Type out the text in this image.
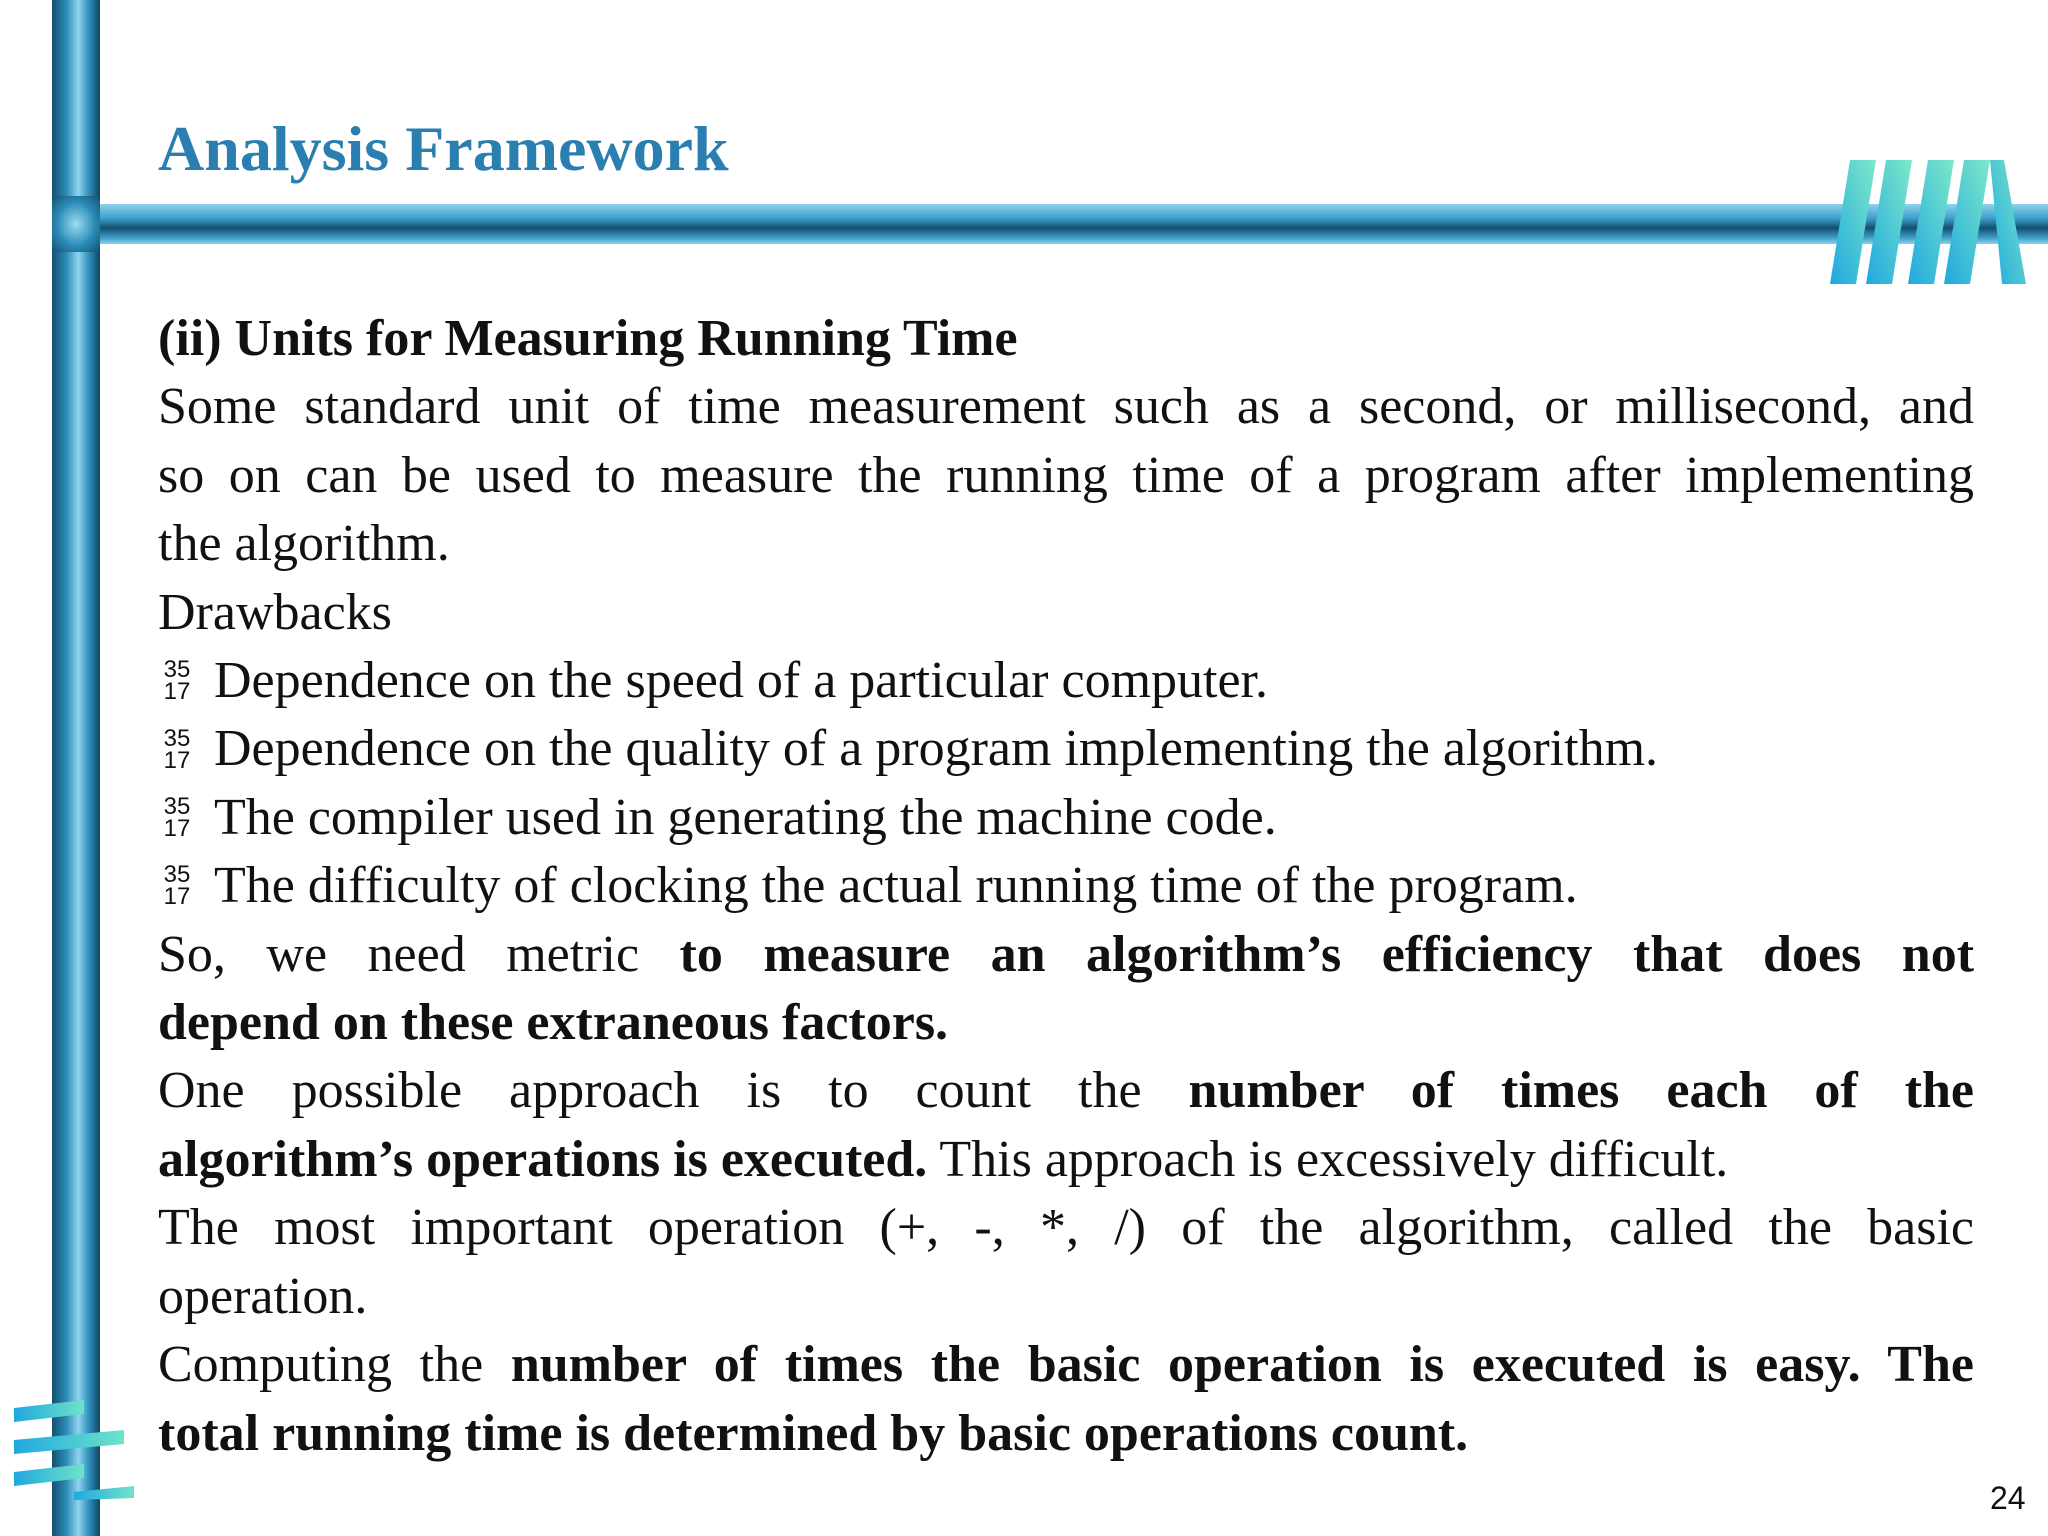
Analysis Framework

(ii) Units for Measuring Running Time

Some standard unit of time measurement such as a second, or millisecond, and

so on can be used to measure the running time of a program after implementing

the algorithm.

Drawbacks

35
17 Dependence on the speed of a particular computer.

35
17 Dependence on the quality of a program implementing the algorithm.

35
17 The compiler used in generating the machine code.

35
17 The difficulty of clocking the actual running time of the program.

So, we need metric to measure an algorithm’s efficiency that does not

depend on these extraneous factors.

One possible approach is to count the number of times each of the

algorithm’s operations is executed. This approach is excessively difficult.

The most important operation (+, -, *, /) of the algorithm, called the basic

operation.

Computing the number of times the basic operation is executed is easy. The

total running time is determined by basic operations count.

24
